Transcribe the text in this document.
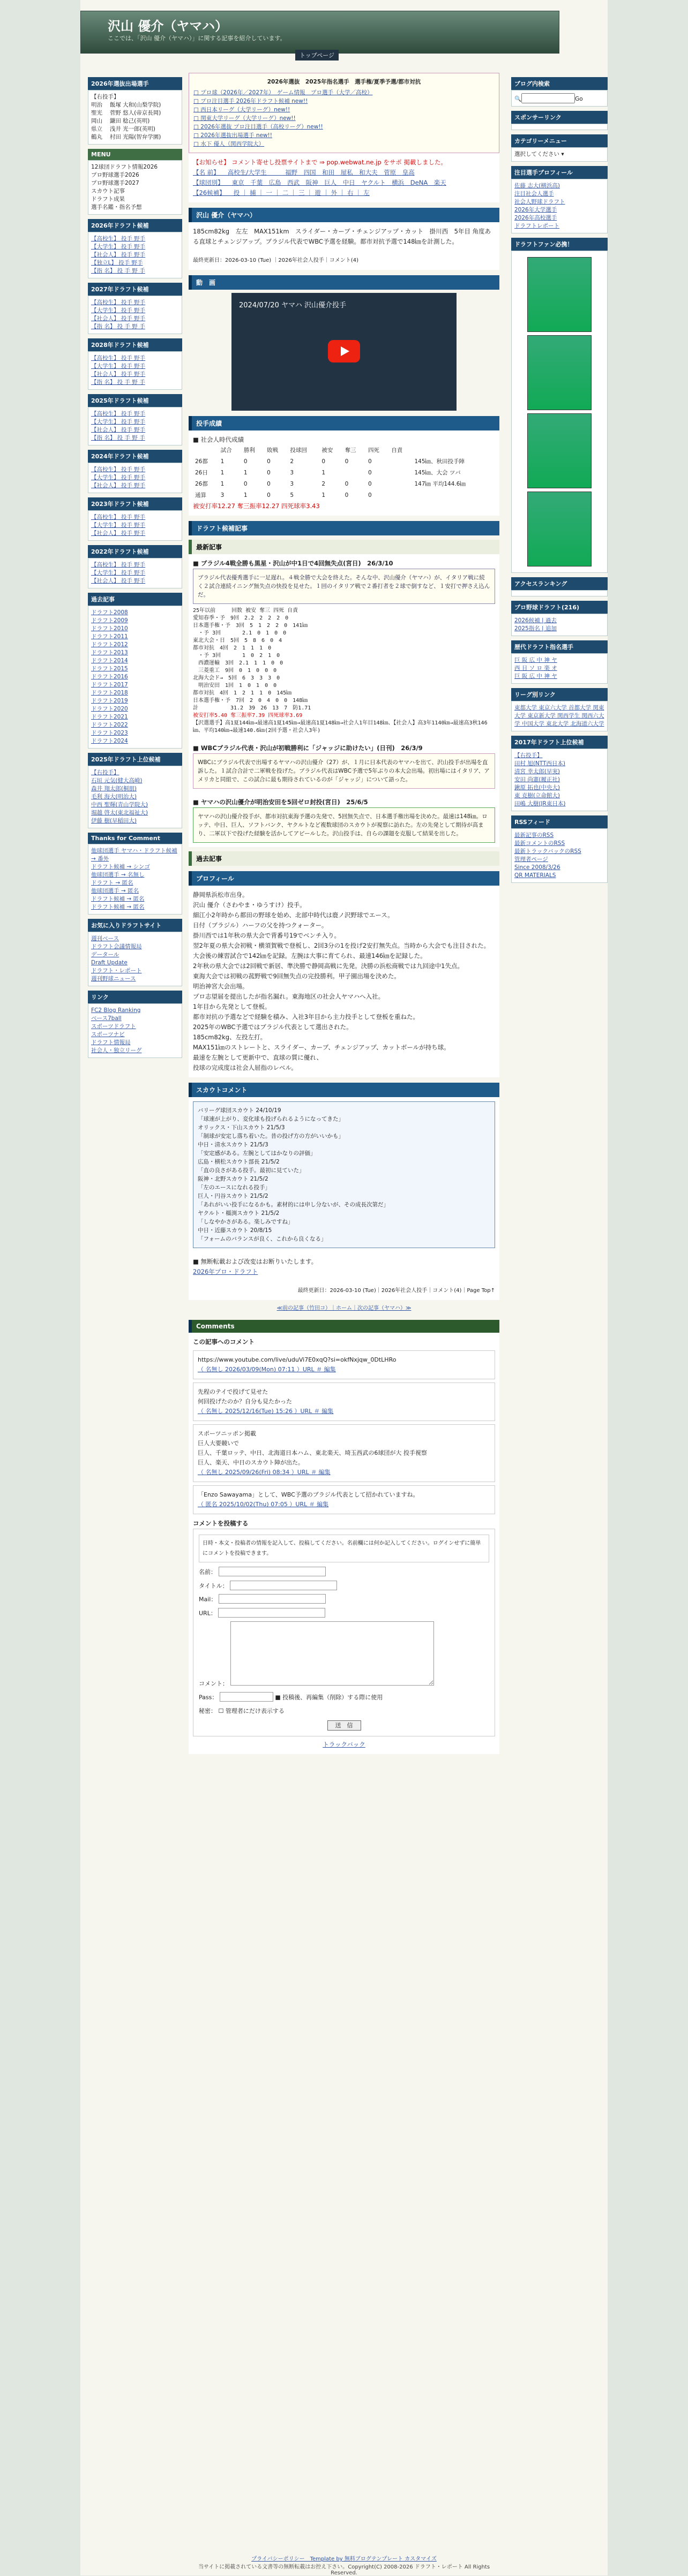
沢山 優介（ヤマハ）
ここでは、「沢山 優介（ヤマハ）」に関する記事を紹介しています。
トップページ
2026年選抜出場選手
【右投手】
明治 　飯塚 大和(山梨学院)
聖光 　菅野 悠人(帝京長岡)
岡山 　鎌田 稔己(英明)
県立 　浅井 光一郎(英明)
鶴丸 　村田 光陽(智弁学園)
MENU
12球団ドラフト情報2026
プロ野球選手2026
プロ野球選手2027
スカウト記事
ドラフト成果
選手名鑑・指名予想
2026年ドラフト候補
【高校生】 投手 野手
【大学生】 投手 野手
【社会人】 投手 野手
【独立L】 投手 野手
【指 名】 投 手 野 手
2027年ドラフト候補
【高校生】 投手 野手
【大学生】 投手 野手
【社会人】 投手 野手
【指 名】 投 手 野 手
2028年ドラフト候補
【高校生】 投手 野手
【大学生】 投手 野手
【社会人】 投手 野手
【指 名】 投 手 野 手
2025年ドラフト候補
【高校生】 投手 野手
【大学生】 投手 野手
【社会人】 投手 野手
【指 名】 投 手 野 手
2024年ドラフト候補
【高校生】 投手 野手
【大学生】 投手 野手
【社会人】 投手 野手
2023年ドラフト候補
【高校生】 投手 野手
【大学生】 投手 野手
【社会人】 投手 野手
2022年ドラフト候補
【高校生】 投手 野手
【大学生】 投手 野手
【社会人】 投手 野手
過去記事
ドラフト2008
ドラフト2009
ドラフト2010
ドラフト2011
ドラフト2012
ドラフト2013
ドラフト2014
ドラフト2015
ドラフト2016
ドラフト2017
ドラフト2018
ドラフト2019
ドラフト2020
ドラフト2021
ドラフト2022
ドラフト2023
ドラフト2024
2025年ドラフト上位候補
【右投手】
石垣 元気(健大高崎)
森井 翔太郎(桐朋)
毛利 海大(明治大)
中西 聖輝(青山学院大)
堀越 啓太(東北福祉大)
伊藤 樹(早稲田大)
Thanks for Comment
他球団選手 ヤマハ・ドラフト候補 → 番外
ドラフト候補 → シンゴ
他球団選手 → 名無し
ドラフト → 匿名
他球団選手 → 匿名
ドラフト候補 → 匿名
ドラフト候補 → 匿名
お気に入りドラフトサイト
週刊ベース
ドラフト会議情報局
データール
Draft Update
ドラフト・レポート
週刊野球ニュース
リンク
FC2 Blog Ranking
ベース7ball
スポーツドラフト
スポーツナビ
ドラフト情報局
社会人・独立リーグ
2026年選抜　2025年指名選手　選手権/夏季予選/都市対抗
□ プロ球（2026年／2027年）　ゲーム情報　プロ選手（大学／高校）
□ プロ注目選手 2026年ドラフト候補 new!!
□ 西日本リーグ（大学リーグ）new!!
□ 関東大学リーグ（大学リーグ）new!!
□ 2026年選抜 プロ注目選手（高校リーグ）new!!
□ 2026年選抜出場選手 new!!
□ 水下 優人（関西学院大）
【お知らせ】 コメント寄せし投票サイトまで ⇒ pop.webwat.ne.jp をサポ 掲載しました。
【名 前】 　高校生/大学生　　　福野　四国　和田　屋私　和大夫　菅原　皇高
【球団別】 　東京　千葉　広島　西武　阪神　巨人　中日　ヤクルト　横浜　DeNA　楽天
【26候補】 　投 ｜ 捕 ｜ 一 ｜ 二 ｜ 三 ｜ 遊 ｜ 外 ｜ 右 ｜ 左
沢山 優介（ヤマハ）
185cm82kg　左左　MAX151km　スライダー・カーブ・チェンジアップ・カット　掛川西　5年目 角度ある直球とチェンジアップ。ブラジル代表でWBC予選を経験。都市対抗予選で148㎞を計測した。
最終更新日：2026-03-10 (Tue) ｜2026年社会人投手｜コメント(4)
動　画
2024/07/20 ヤマハ 沢山優介投手
投手成績
■ 社会人時代成績
	試合	勝利	敗戦	投球回	被安	奪三	四死	自責	
26都	1	0	0	2	0	0	0		145㎞、秋田投手陣
26日	1	1	0	3	1		0		145㎞、大会 ツバ
26都	1	0	0	3	2	0	0		147㎞ 平均144.6㎞
通算	3	1	0	5	1	0	0		
被安打率12.27 奪三振率12.27 四死球率3.43
ドラフト候補記事
最新記事
■ ブラジル4戦全勝も黒星・沢山が中1日で4回無失点(宮日)　26/3/10
ブラジル代表優秀選手に一足遅れ。４戦全勝で大会を終えた。そんな中、沢山優介（ヤマハ）が、イタリア戦に続く２試合連続イニング無失点の快投を見せた。１回のイタリア戦で２番打者を２球で倒すなど、１安打で押さえ込んだ。
25年以前　　　回数 被安 奪三 四死 自責
愛知春季・予　9回　2.2　2　2　2　0
日本選手権・予　3回　5　1　2　2　0　141㎞
　・予 3回　　　　2.1　0　1　0　0
東北大会・日　5回　5　8　6　0　4
都市対抗　4回　2　1　1　1　0
　・予 3回　　　　1　0　2　1　0
　西濃運輸　3回　2.1　1　1　0　0
　三菱重工　9回　0　1　0　0　0
北海大会ド→　5回　6　3　3　3　0
　明治安田　1回　1　0　1　0　0
都市対抗　4回　1　2　1　1　0　145㎞
日本選手権・予　7回　2　0　4　0　0　148㎞
計　　　　　　31.2　39　26　13　7　防1.71
被安打率5.40 奪三振率7.39 四死球率3.69
【沢選選手】高1夏144㎞→最速高1夏145㎞→最速高1夏148㎞→社会人1年目148㎞、【社会人】高3年1140㎞→最速高3秋146㎞、平均140㎞→最速140.6㎞(2回予選・社会人3年)
■ WBCブラジル代表・沢山が初戦勝利に「ジャッジに助けたい」(日刊)　26/3/9
WBCにブラジル代表で出場するヤマハの沢山優介（27）が、１月に日本代表のヤマハを出て、沢山投手が出場を直訴した。１試合合計で二軍戦を投げた。ブラジル代表はWBC予選で5年ぶりの本大会出場。初出場にはイタリア、アメリカと同組で、この試合に最も期待されているのが「ジャッジ」について語った。
■ ヤマハの沢山優介が明治安田を5回ゼロ封投(宮日)　25/6/5
ヤマハの沢山優介投手が、都市対抗東海予選の先発で、5回無失点で、日本選手権出場を決めた。最速は148㎞。ロッテ、中日、巨人、ソフトバンク、ヤクルトなど複数球団のスカウトが視察に訪れた。左の先発として期待が高まり、二軍以下で投げた経験を活かしてアピールした。沢山投手は、自らの課題を克服して結果を出した。
過去記事
プロフィール
静岡県浜松市出身。
沢山 優介（さわやま・ゆうすけ）投手。
細江小2年時から都田の野球を始め、北部中時代は鹿ノ沢野球でエース。
日付（ブラジル）ハーフの父を持つクォーター。
掛川西では1年秋の県大会で背番号19でベンチ入り。
翌2年夏の県大会初戦・横須賀戦で登板し、2回3分の1を投げ2安打無失点。当時から大会でも注目された。
大会後の練習試合で142㎞を記録。左腕は大事に育てられ、最速146㎞を記録した。
2年秋の県大会では2回戦で新居、準決勝で静岡高戦に先発。決勝の浜松商戦では九回途中1失点。
東海大会では初戦の菰野戦で9回無失点の完投勝利。甲子園出場を決めた。
明治神宮大会出場。
プロ志望届を提出したが指名漏れ。東海地区の社会人ヤマハへ入社。
1年目から先発として登板。
都市対抗の予選などで経験を積み、入社3年目から主力投手として登板を重ねた。
2025年のWBC予選ではブラジル代表として選出された。
185cm82kg、左投左打。
MAX151㎞のストレートと、スライダー、カーブ、チェンジアップ、カットボールが持ち球。
最速を左腕として更新中で、直球の質に優れ、
投球の完成度は社会人屈指のレベル。
スカウトコメント
バリーグ球団スカウト 24/10/19
「球速が上がり、変化球も投げられるようになってきた」
オリックス・下山スカウト 21/5/3
「制球が安定し落ち着いた。昔の投げ方の方がいいかも」
中日・清水スカウト 21/5/3
「安定感がある。左腕としてはかなりの評価」
広島・横松スカウト部長 21/5/2
「直の良さがある投手。最初に見ていた」
阪神・北野スカウト 21/5/2
「左のエースになれる投手」
巨人・円谷スカウト 21/5/2
「あれがいい投手になるかも。素材的には申し分ないが、その成長次第だ」
ヤクルト・橿渕スカウト 21/5/2
「しなやかさがある。楽しみですね」
中日・近藤スカウト 20/8/15
「フォームのバランスが良く、これから良くなる」
■ 無断転載および改変はお断りいたします。
2026年プロ・ドラフト
最終更新日：2026-03-10 (Tue)｜2026年社会人投手｜コメント(4)｜Page Top↑
≪前の記事（竹田コ）｜ホーム｜次の記事（ヤマハ）≫
Comments
この記事へのコメント
https://www.youtube.com/live/uduVi7E0xqQ?si=okfNxjqw_0DtLHRo
（ 名無し 2026/03/09(Mon) 07:11 ）URL ＃ 編集
先程のテイで投げて見せた
何回投げたのか？自分も見たかった
（ 名無し 2025/12/16(Tue) 15:26 ）URL ＃ 編集
スポーツニッポン掲載
巨人大要競いで
巨人、千葉ロッテ、中日、北海道日本ハム、東北楽天、埼玉西武の6球団が大 投手視察
巨人、楽天、中日のスカウト陣が出た。
（ 名無し 2025/09/26(Fri) 08:34 ）URL ＃ 編集
「Enzo Sawayama」として、WBC予選のブラジル代表として招かれていますね。
（ 匿名 2025/10/02(Thu) 07:05 ）URL ＃ 編集
コメントを投稿する
日時・本文・投稿者の情報を記入して、投稿してください。名前欄には何か記入してください。ログインせずに簡単にコメントを投稿できます。
名前：
タイトル：
Mail：
URL：
コメント：
Pass：	■ 投稿後、再編集（削除）する際に使用
秘密： ☐ 管理者にだけ表示する
送　信
トラックバック
ブログ内検索
🔍	Go
スポンサーリンク
カテゴリーメニュー
選択してください ▾
注目選手プロフィール
佐藤 志大(横浜高)
注目社会人選手
社会人野球ドラフト
2026年大学選手
2026年高校選手
ドラフトレポート
ドラフトファン必携！
アクセスランキング
プロ野球ドラフト(216)
2026候補 | 過去
2025指名 | 追加
歴代ドラフト指名選手
巨 阪 広 中 神 ヤ
西 日 ソ ロ 楽 オ
巨 阪 広 中 神 ヤ
リーグ別リンク
東都大学 東京六大学 首都大学 関東大学 東京新大学 関西学生 関西六大学 中国大学 東北大学 北海道六大学
2017年ドラフト上位候補
【右投手】
田村 旭(NTT西日本)
清宮 幸太郎(早実)
安田 尚憲(履正社)
鍬原 拓也(中央大)
東 克樹(立命館大)
田嶋 大樹(JR東日本)
RSSフィード
最新記事のRSS
最新コメントのRSS
最新トラックバックのRSS
管理者ページ
Since 2008/3/26
QR MATERIALS
プライバシーポリシー　Template by 無料ブログテンプレート カスタマイズ
当サイトに掲載されている文書等の無断転載はお控え下さい。Copyright(C) 2008-2026 ドラフト・レポート All Rights Reserved.
